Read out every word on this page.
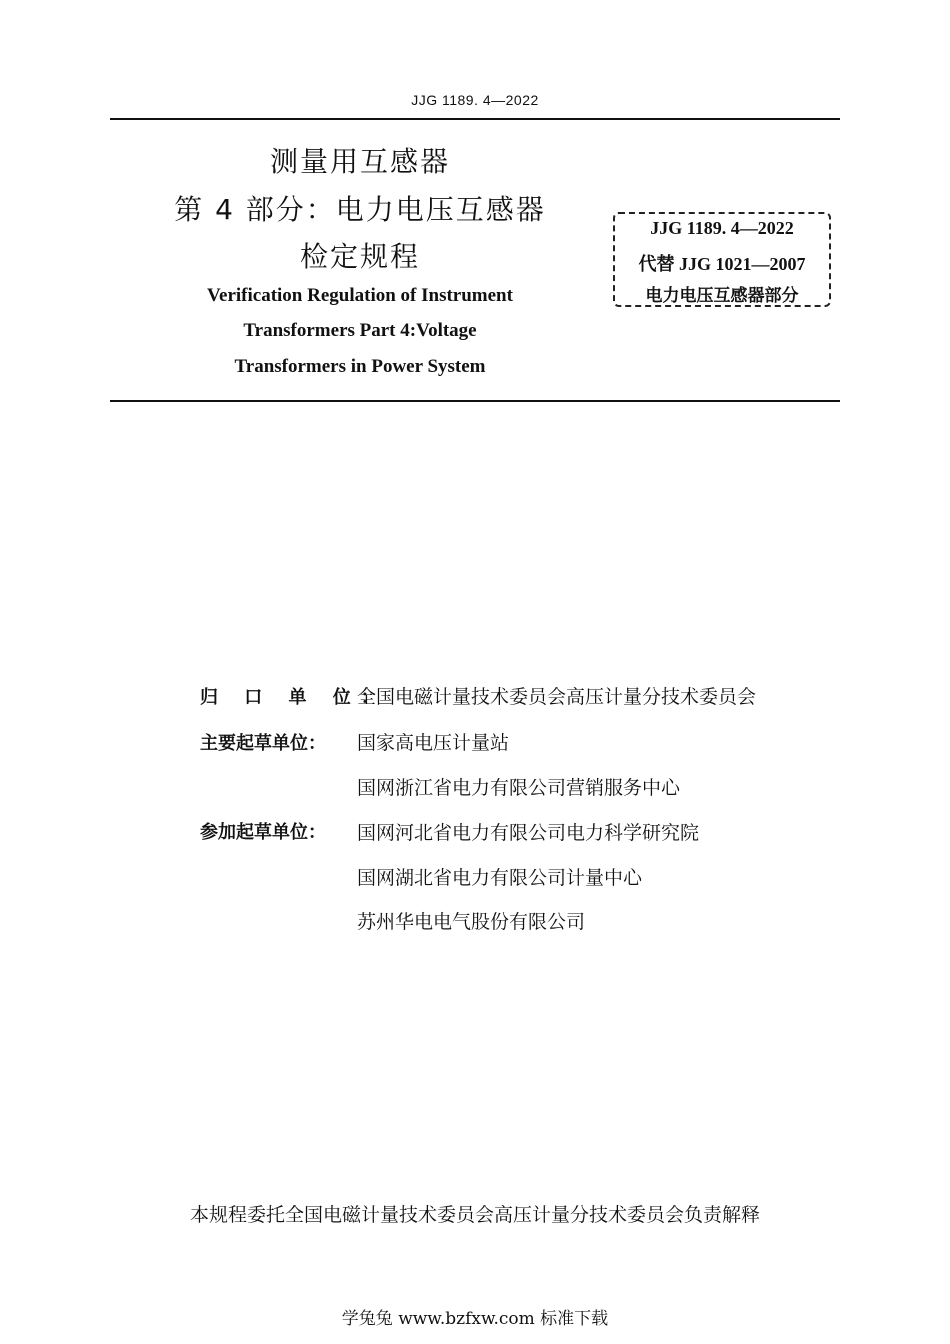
JJG 1189. 4—2022
测量用互感器
第 4 部分：电力电压互感器
检定规程
Verification Regulation of Instrument
Transformers Part 4:Voltage
Transformers in Power System
JJG 1189. 4—2022
代替 JJG 1021—2007
电力电压互感器部分
归 口 单 位：
全国电磁计量技术委员会高压计量分技术委员会
主要起草单位：	国家高电压计量站
国网浙江省电力有限公司营销服务中心
参加起草单位：	国网河北省电力有限公司电力科学研究院
国网湖北省电力有限公司计量中心
苏州华电电气股份有限公司
本规程委托全国电磁计量技术委员会高压计量分技术委员会负责解释
学兔兔 www.bzfxw.com 标准下载
